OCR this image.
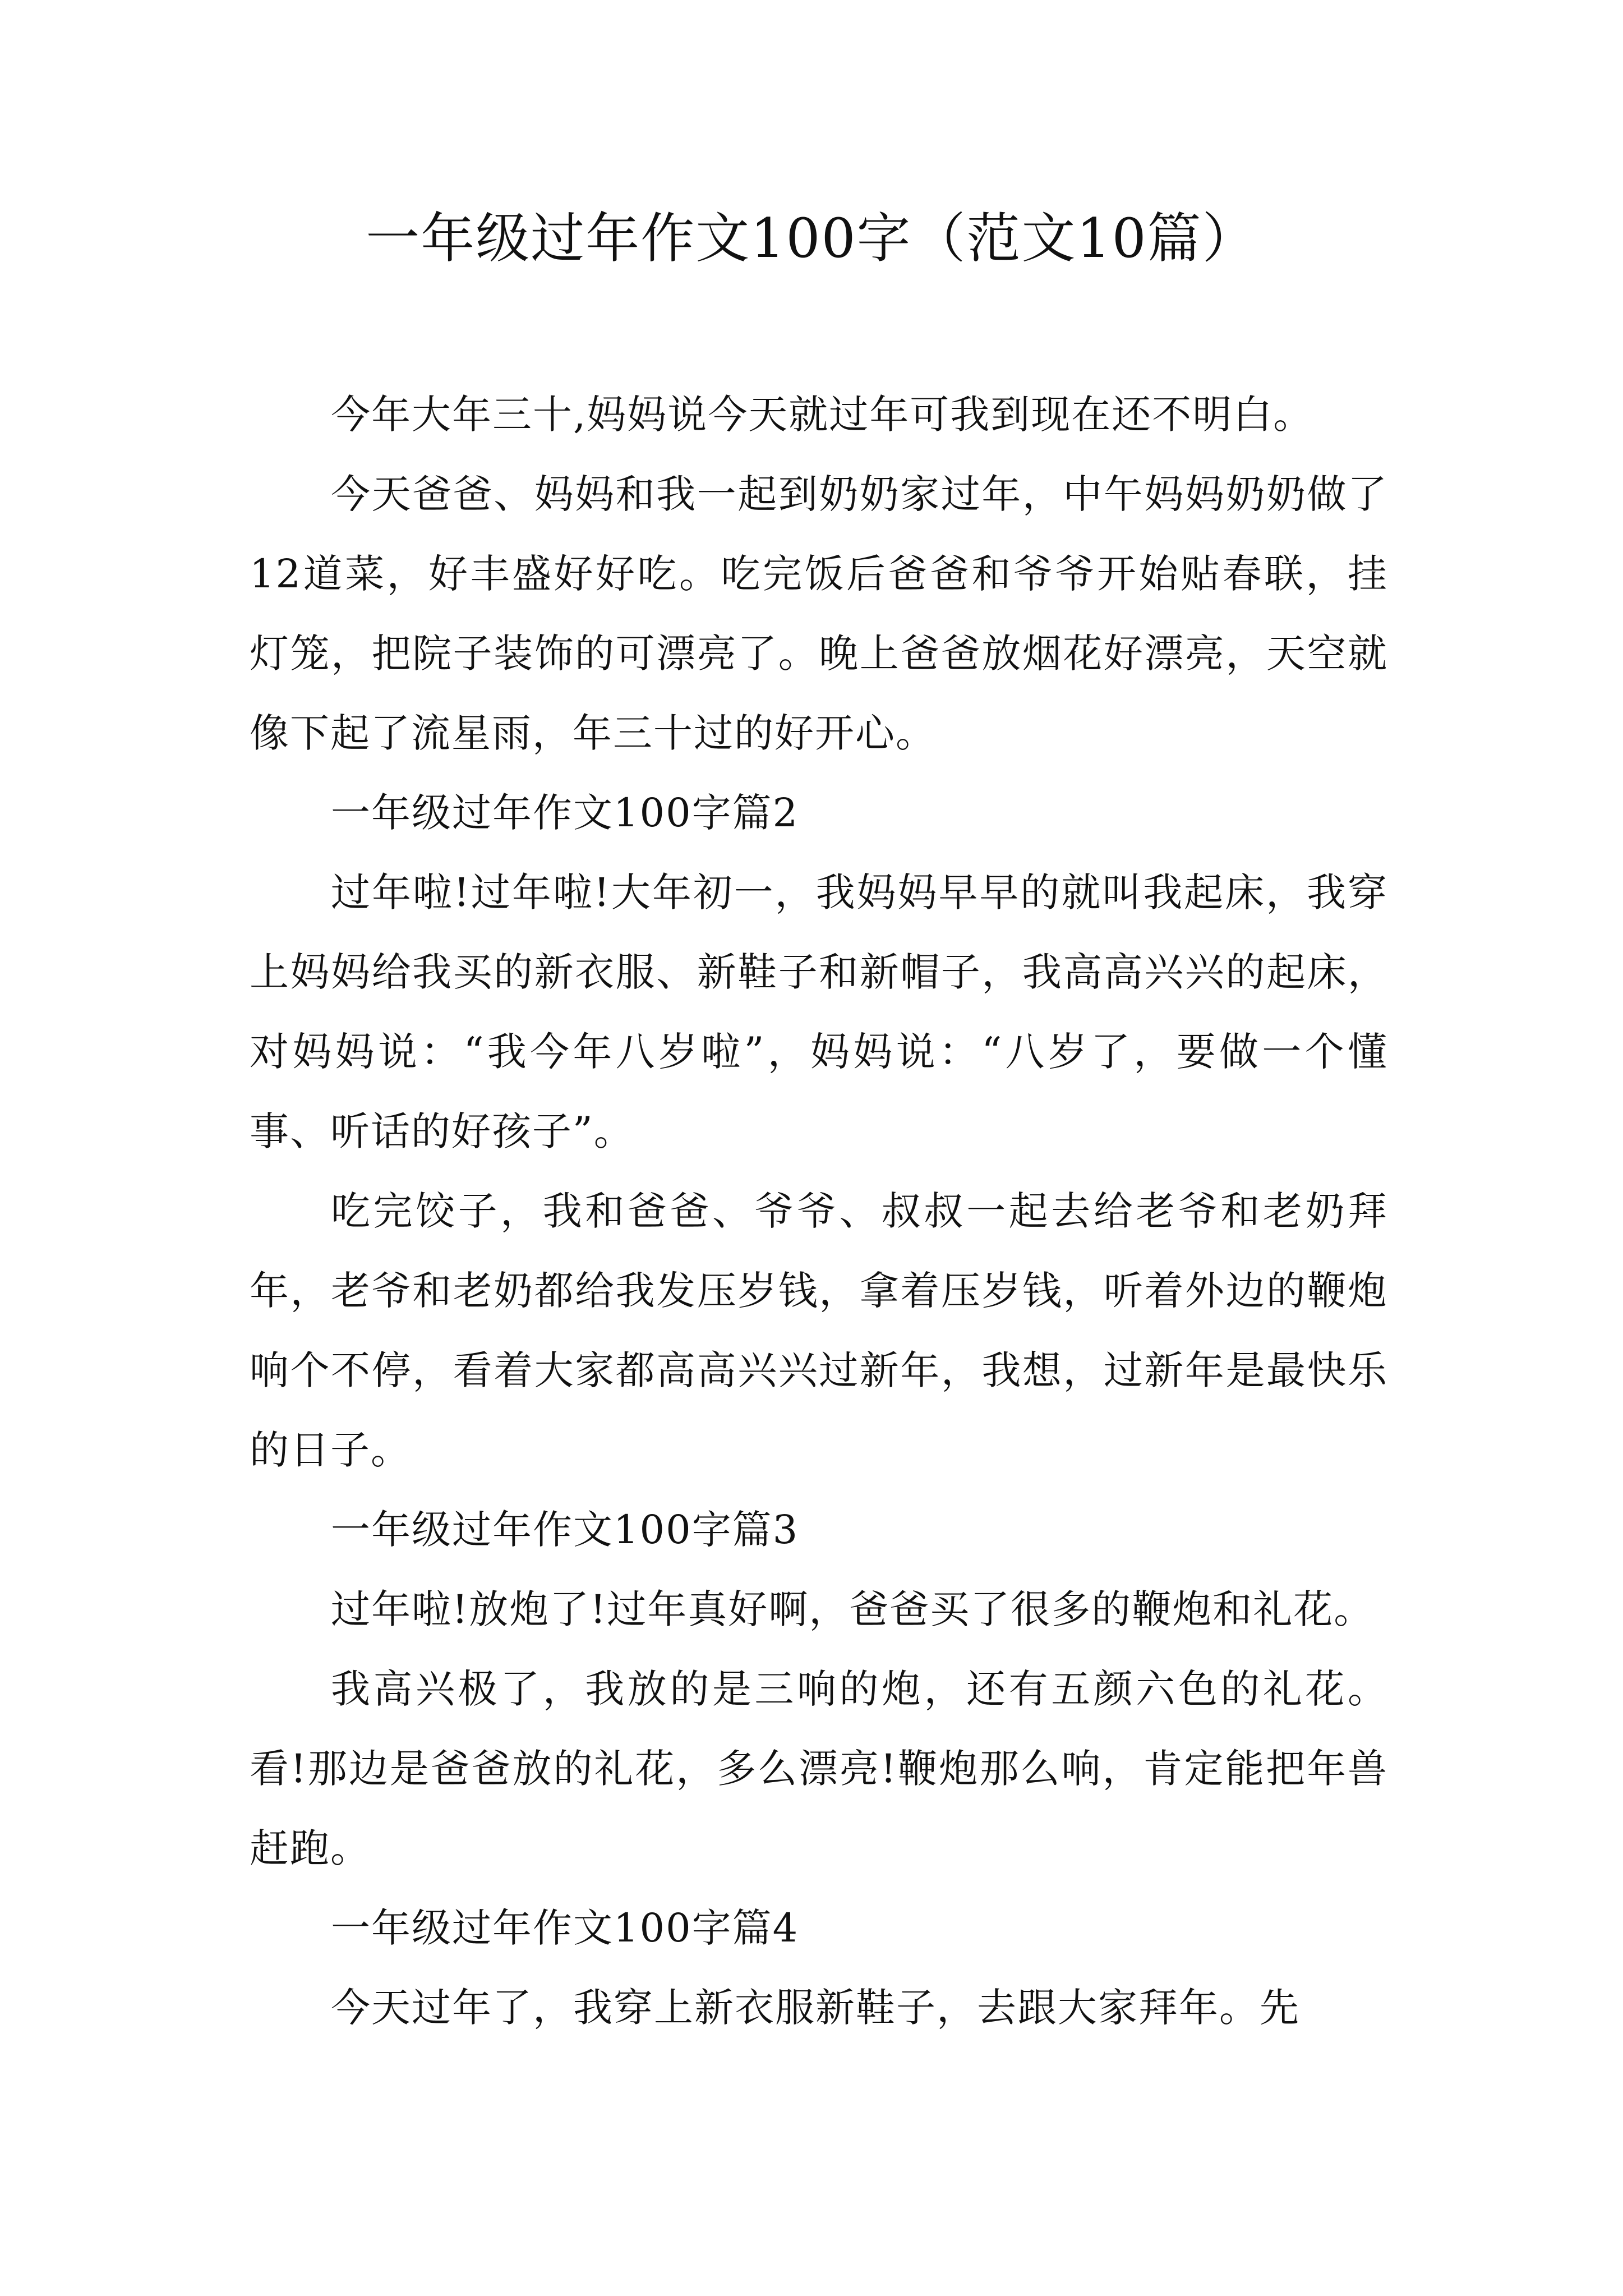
一年级过年作文100字（范文10篇）

今年大年三十,妈妈说今天就过年可我到现在还不明白。

今天爸爸、妈妈和我一起到奶奶家过年，中午妈妈奶奶做了12道菜，好丰盛好好吃。吃完饭后爸爸和爷爷开始贴春联，挂灯笼，把院子装饰的可漂亮了。晚上爸爸放烟花好漂亮，天空就像下起了流星雨，年三十过的好开心。

一年级过年作文100字篇2

过年啦!过年啦!大年初一，我妈妈早早的就叫我起床，我穿上妈妈给我买的新衣服、新鞋子和新帽子，我高高兴兴的起床，对妈妈说：“我今年八岁啦”，妈妈说：“八岁了，要做一个懂事、听话的好孩子”。

吃完饺子，我和爸爸、爷爷、叔叔一起去给老爷和老奶拜年，老爷和老奶都给我发压岁钱，拿着压岁钱，听着外边的鞭炮响个不停，看着大家都高高兴兴过新年，我想，过新年是最快乐的日子。

一年级过年作文100字篇3

过年啦!放炮了!过年真好啊，爸爸买了很多的鞭炮和礼花。

我高兴极了，我放的是三响的炮，还有五颜六色的礼花。看!那边是爸爸放的礼花，多么漂亮!鞭炮那么响，肯定能把年兽赶跑。

一年级过年作文100字篇4

今天过年了，我穿上新衣服新鞋子，去跟大家拜年。先
